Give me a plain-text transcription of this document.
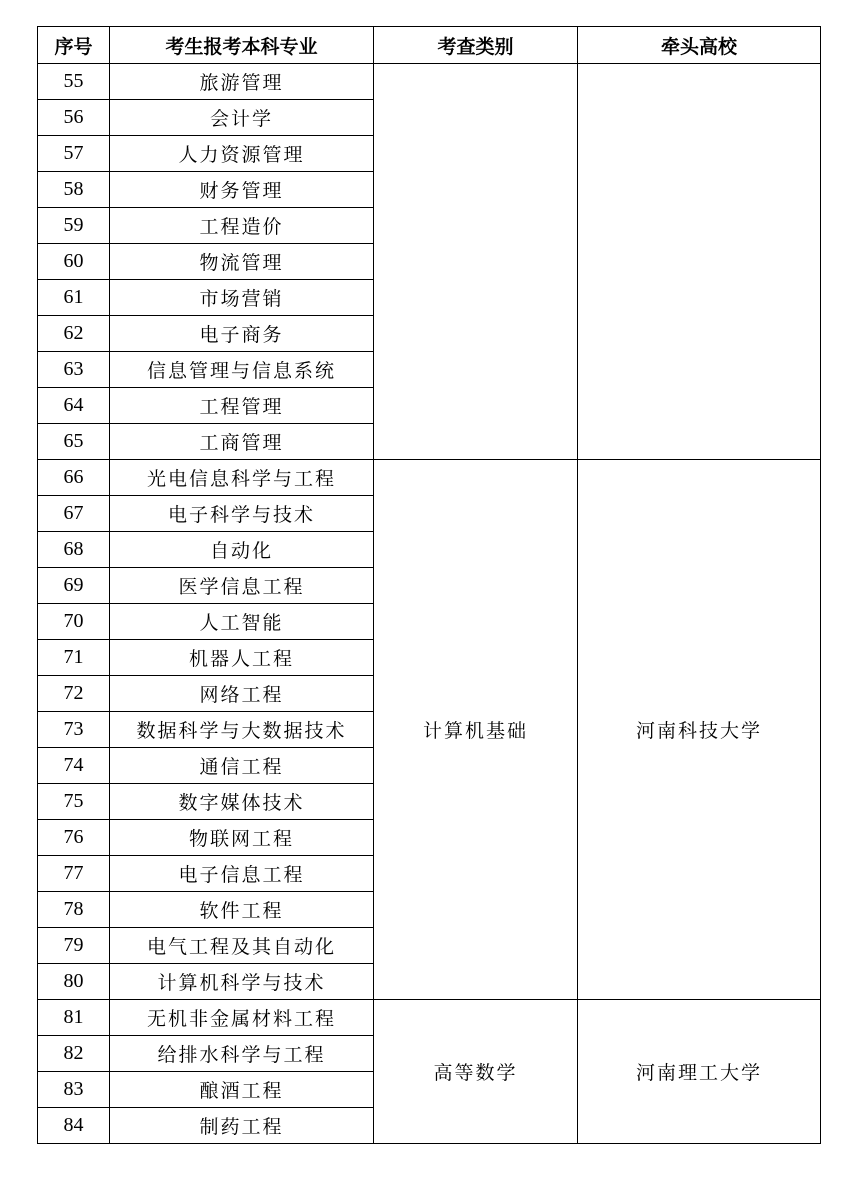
序号	考生报考本科专业	考查类别	牵头高校
55	旅游管理		
56	会计学		
57	人力资源管理		
58	财务管理		
59	工程造价		
60	物流管理		
61	市场营销		
62	电子商务		
63	信息管理与信息系统		
64	工程管理		
65	工商管理		
66	光电信息科学与工程	计算机基础	河南科技大学
67	电子科学与技术		
68	自动化		
69	医学信息工程		
70	人工智能		
71	机器人工程		
72	网络工程		
73	数据科学与大数据技术		
74	通信工程		
75	数字媒体技术		
76	物联网工程		
77	电子信息工程		
78	软件工程		
79	电气工程及其自动化		
80	计算机科学与技术		
81	无机非金属材料工程	高等数学	河南理工大学
82	给排水科学与工程		
83	酿酒工程		
84	制药工程		
